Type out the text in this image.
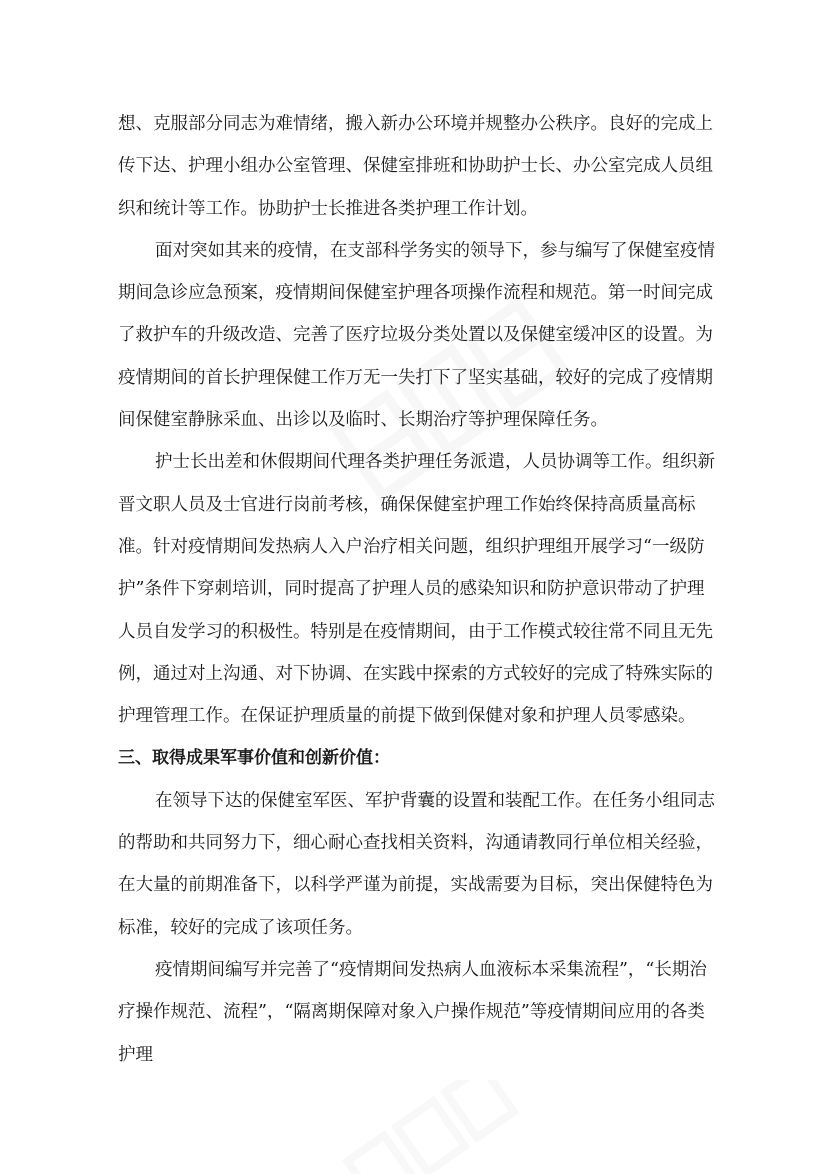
想、克服部分同志为难情绪，搬入新办公环境并规整办公秩序。良好的完成上传下达、护理小组办公室管理、保健室排班和协助护士长、办公室完成人员组织和统计等工作。协助护士长推进各类护理工作计划。

面对突如其来的疫情，在支部科学务实的领导下，参与编写了保健室疫情期间急诊应急预案，疫情期间保健室护理各项操作流程和规范。第一时间完成了救护车的升级改造、完善了医疗垃圾分类处置以及保健室缓冲区的设置。为疫情期间的首长护理保健工作万无一失打下了坚实基础，较好的完成了疫情期间保健室静脉采血、出诊以及临时、长期治疗等护理保障任务。

护士长出差和休假期间代理各类护理任务派遣，人员协调等工作。组织新晋文职人员及士官进行岗前考核，确保保健室护理工作始终保持高质量高标准。针对疫情期间发热病人入户治疗相关问题，组织护理组开展学习“一级防护”条件下穿刺培训，同时提高了护理人员的感染知识和防护意识带动了护理人员自发学习的积极性。特别是在疫情期间，由于工作模式较往常不同且无先例，通过对上沟通、对下协调、在实践中探索的方式较好的完成了特殊实际的护理管理工作。在保证护理质量的前提下做到保健对象和护理人员零感染。

三、取得成果军事价值和创新价值：

在领导下达的保健室军医、军护背囊的设置和装配工作。在任务小组同志的帮助和共同努力下，细心耐心查找相关资料，沟通请教同行单位相关经验，在大量的前期准备下，以科学严谨为前提，实战需要为目标，突出保健特色为标准，较好的完成了该项任务。

疫情期间编写并完善了“疫情期间发热病人血液标本采集流程”，“长期治疗操作规范、流程”，“隔离期保障对象入户操作规范”等疫情期间应用的各类护理
